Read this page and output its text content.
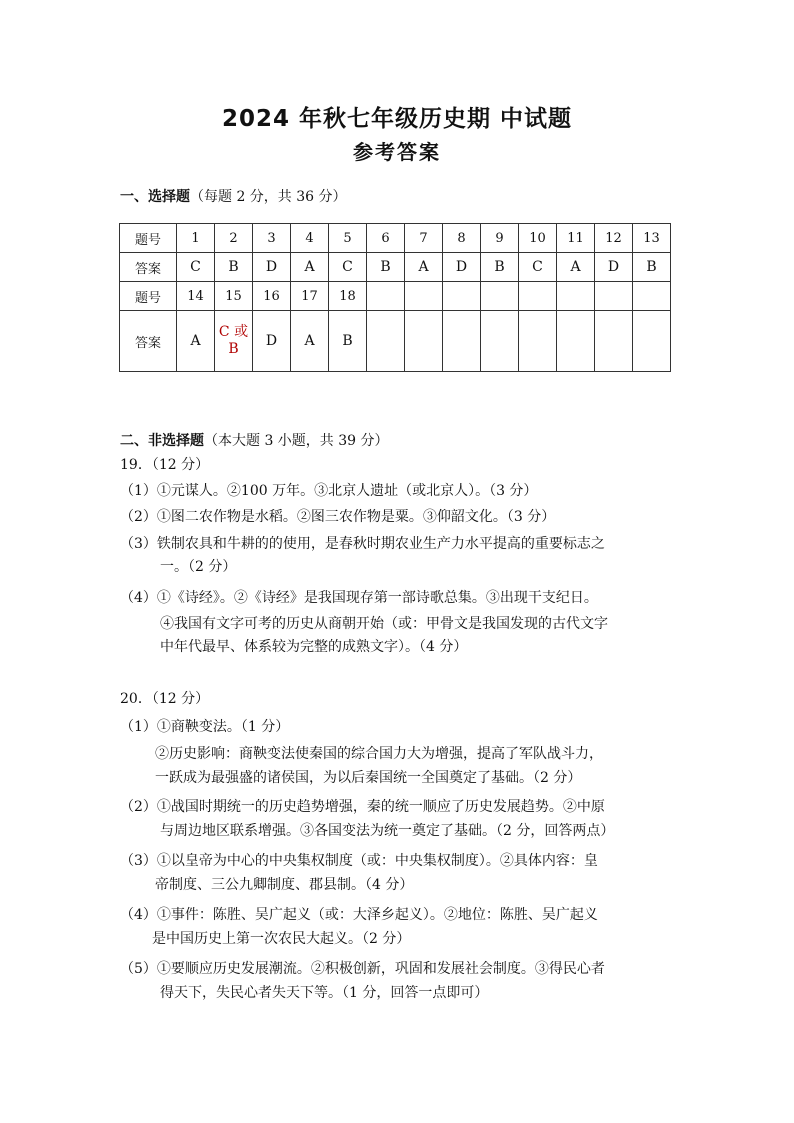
2024 年秋七年级历史期 中试题
参考答案
一、选择题（每题 2 分，共 36 分）
题号	1	2	3	4	5	6	7	8	9	10	11	12	13
答案	C	B	D	A	C	B	A	D	B	C	A	D	B
题号	14	15	16	17	18								
答案	A	C 或 B	D	A	B								
二、非选择题（本大题 3 小题，共 39 分）
19．（12 分）
（1）①元谋人。②100 万年。③北京人遗址（或北京人）。（3 分）
（2）①图二农作物是水稻。②图三农作物是粟。③仰韶文化。（3 分）
（3）铁制农具和牛耕的的使用，是春秋时期农业生产力水平提高的重要标志之
一。（2 分）
（4）①《诗经》。②《诗经》是我国现存第一部诗歌总集。③出现干支纪日。
④我国有文字可考的历史从商朝开始（或：甲骨文是我国发现的古代文字
中年代最早、体系较为完整的成熟文字）。（4 分）
20．（12 分）
（1）①商鞅变法。（1 分）
②历史影响：商鞅变法使秦国的综合国力大为增强，提高了军队战斗力，
一跃成为最强盛的诸侯国，为以后秦国统一全国奠定了基础。（2 分）
（2）①战国时期统一的历史趋势增强，秦的统一顺应了历史发展趋势。②中原
与周边地区联系增强。③各国变法为统一奠定了基础。（2 分，回答两点）
（3）①以皇帝为中心的中央集权制度（或：中央集权制度）。②具体内容：皇
帝制度、三公九卿制度、郡县制。（4 分）
（4）①事件：陈胜、吴广起义（或：大泽乡起义）。②地位：陈胜、吴广起义
是中国历史上第一次农民大起义。（2 分）
（5）①要顺应历史发展潮流。②积极创新，巩固和发展社会制度。③得民心者
得天下，失民心者失天下等。（1 分，回答一点即可）
